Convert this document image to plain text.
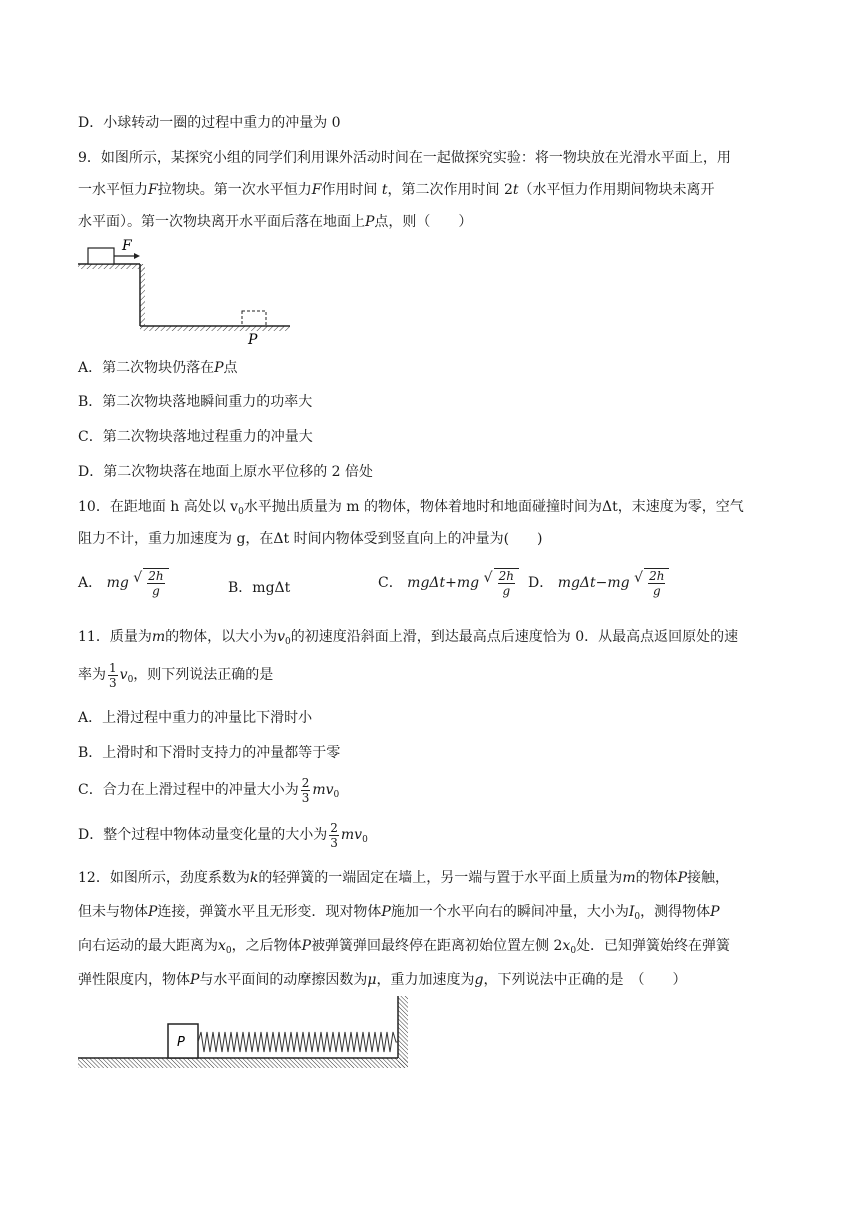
D．小球转动一圈的过程中重力的冲量为 0
9．如图所示，某探究小组的同学们利用课外活动时间在一起做探究实验：将一物块放在光滑水平面上，用
一水平恒力F拉物块。第一次水平恒力F作用时间 t，第二次作用时间 2t（水平恒力作用期间物块未离开
水平面）。第一次物块离开水平面后落在地面上P点，则（　　）
F
P
A．第二次物块仍落在P点
B．第二次物块落地瞬间重力的功率大
C．第二次物块落地过程重力的冲量大
D．第二次物块落在地面上原水平位移的 2 倍处
10．在距地面 h 高处以 $v_0$水平抛出质量为 m 的物体，物体着地时和地面碰撞时间为Δt，末速度为零，空气
阻力不计，重力加速度为 g，在Δt 时间内物体受到竖直向上的冲量为(　　)
A． mg √ $\frac{2h}{g}$	B．mgΔt	C． mgΔt+mg √ $\frac{2h}{g}$ D． mgΔt−mg √ $\frac{2h}{g}$
11．质量为m的物体，以大小为$v_0$的初速度沿斜面上滑，到达最高点后速度恰为 0．从最高点返回原处的速
率为 $\frac{1}{3} v_0$，则下列说法正确的是
A．上滑过程中重力的冲量比下滑时小
B．上滑时和下滑时支持力的冲量都等于零
C．合力在上滑过程中的冲量大小为 $\frac{2}{3} mv_0$
D．整个过程中物体动量变化量的大小为 $\frac{2}{3} mv_0$
12．如图所示，劲度系数为k的轻弹簧的一端固定在墙上，另一端与置于水平面上质量为m的物体P接触，
但未与物体P连接，弹簧水平且无形变．现对物体P施加一个水平向右的瞬间冲量，大小为$I_0$，测得物体P
向右运动的最大距离为$x_0$，之后物体P被弹簧弹回最终停在距离初始位置左侧 $2x_0$处．已知弹簧始终在弹簧
弹性限度内，物体P与水平面间的动摩擦因数为μ，重力加速度为g，下列说法中正确的是　（　　）
P
